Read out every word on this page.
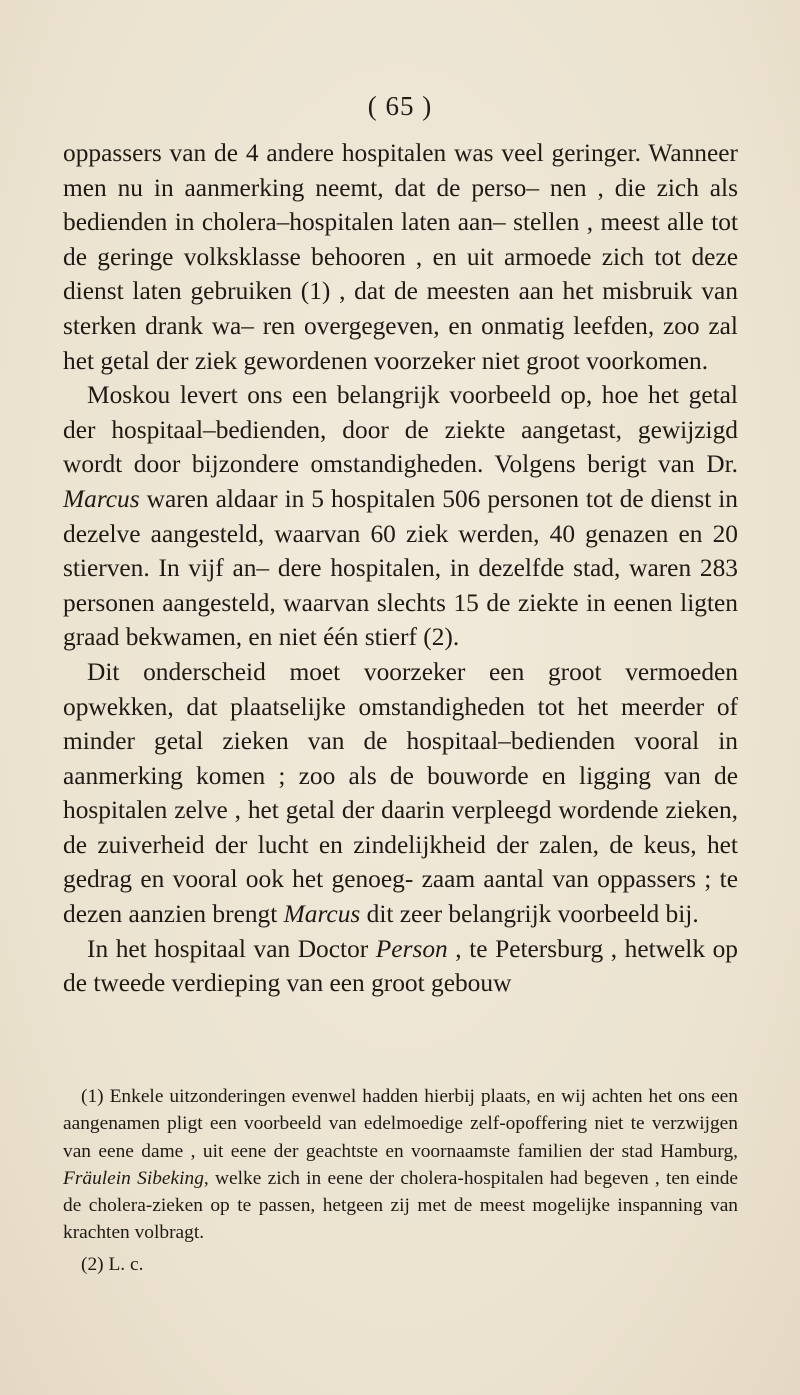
( 65 )

oppassers van de 4 andere hospitalen was veel geringer. Wanneer men nu in aanmerking neemt, dat de perso– nen , die zich als bedienden in cholera–hospitalen laten aan– stellen , meest alle tot de geringe volksklasse behooren , en uit armoede zich tot deze dienst laten gebruiken (1) , dat de meesten aan het misbruik van sterken drank wa– ren overgegeven, en onmatig leefden, zoo zal het getal der ziek gewordenen voorzeker niet groot voorkomen.

Moskou levert ons een belangrijk voorbeeld op, hoe het getal der hospitaal–bedienden, door de ziekte aangetast, gewijzigd wordt door bijzondere omstandigheden. Volgens berigt van Dr. Marcus waren aldaar in 5 hospitalen 506 personen tot de dienst in dezelve aangesteld, waarvan 60 ziek werden, 40 genazen en 20 stierven. In vijf an– dere hospitalen, in dezelfde stad, waren 283 personen aangesteld, waarvan slechts 15 de ziekte in eenen ligten graad bekwamen, en niet één stierf (2).

Dit onderscheid moet voorzeker een groot vermoeden opwekken, dat plaatselijke omstandigheden tot het meerder of minder getal zieken van de hospitaal–bedienden vooral in aanmerking komen ; zoo als de bouworde en ligging van de hospitalen zelve , het getal der daarin verpleegd wordende zieken, de zuiverheid der lucht en zindelijkheid der zalen, de keus, het gedrag en vooral ook het genoeg- zaam aantal van oppassers ; te dezen aanzien brengt Marcus dit zeer belangrijk voorbeeld bij.

In het hospitaal van Doctor Person , te Petersburg , hetwelk op de tweede verdieping van een groot gebouw

(1) Enkele uitzonderingen evenwel hadden hierbij plaats, en wij achten het ons een aangenamen pligt een voorbeeld van edelmoedige zelf-opoffering niet te verzwijgen van eene dame , uit eene der geachtste en voornaamste familien der stad Hamburg, Fräulein Sibeking, welke zich in eene der cholera-hospitalen had begeven , ten einde de cholera-zieken op te passen, hetgeen zij met de meest mogelijke inspanning van krachten volbragt.

(2) L. c.
